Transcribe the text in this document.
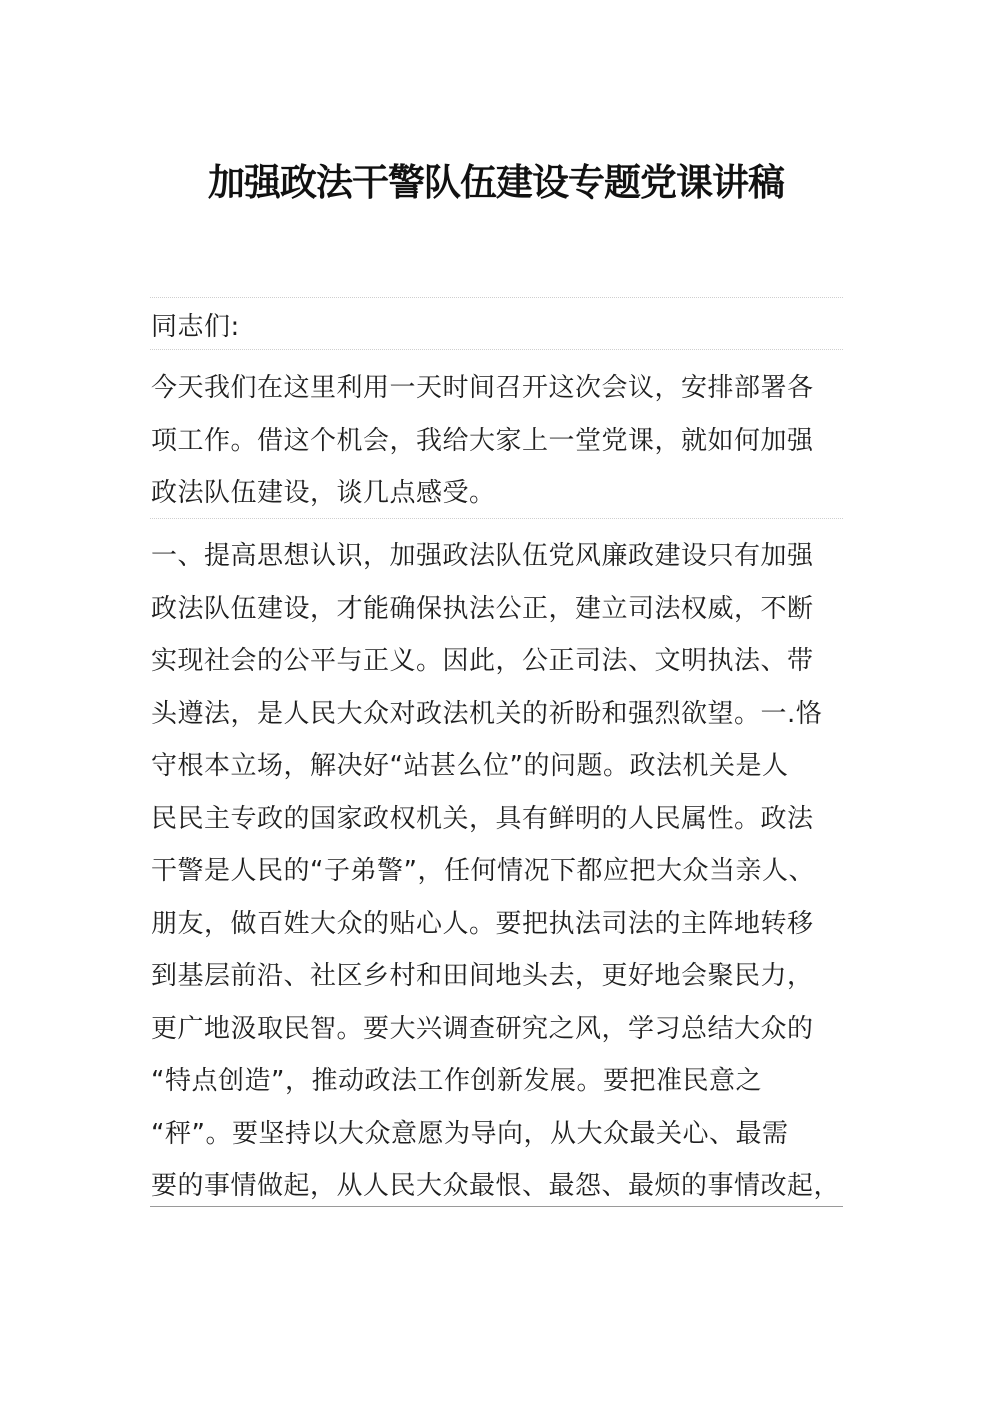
加强政法干警队伍建设专题党课讲稿

同志们:

今天我们在这里利用一天时间召开这次会议，安排部署各
项工作。借这个机会，我给大家上一堂党课，就如何加强
政法队伍建设，谈几点感受。

一、提高思想认识，加强政法队伍党风廉政建设只有加强
政法队伍建设，才能确保执法公正，建立司法权威，不断
实现社会的公平与正义。因此，公正司法、文明执法、带
头遵法，是人民大众对政法机关的祈盼和强烈欲望。一.恪
守根本立场，解决好“站甚么位”的问题。政法机关是人
民民主专政的国家政权机关，具有鲜明的人民属性。政法
干警是人民的“子弟警”，任何情况下都应把大众当亲人、
朋友，做百姓大众的贴心人。要把执法司法的主阵地转移
到基层前沿、社区乡村和田间地头去，更好地会聚民力，
更广地汲取民智。要大兴调查研究之风，学习总结大众的
“特点创造”，推动政法工作创新发展。要把准民意之
“秤”。要坚持以大众意愿为导向，从大众最关心、最需
要的事情做起，从人民大众最恨、最怨、最烦的事情改起，
